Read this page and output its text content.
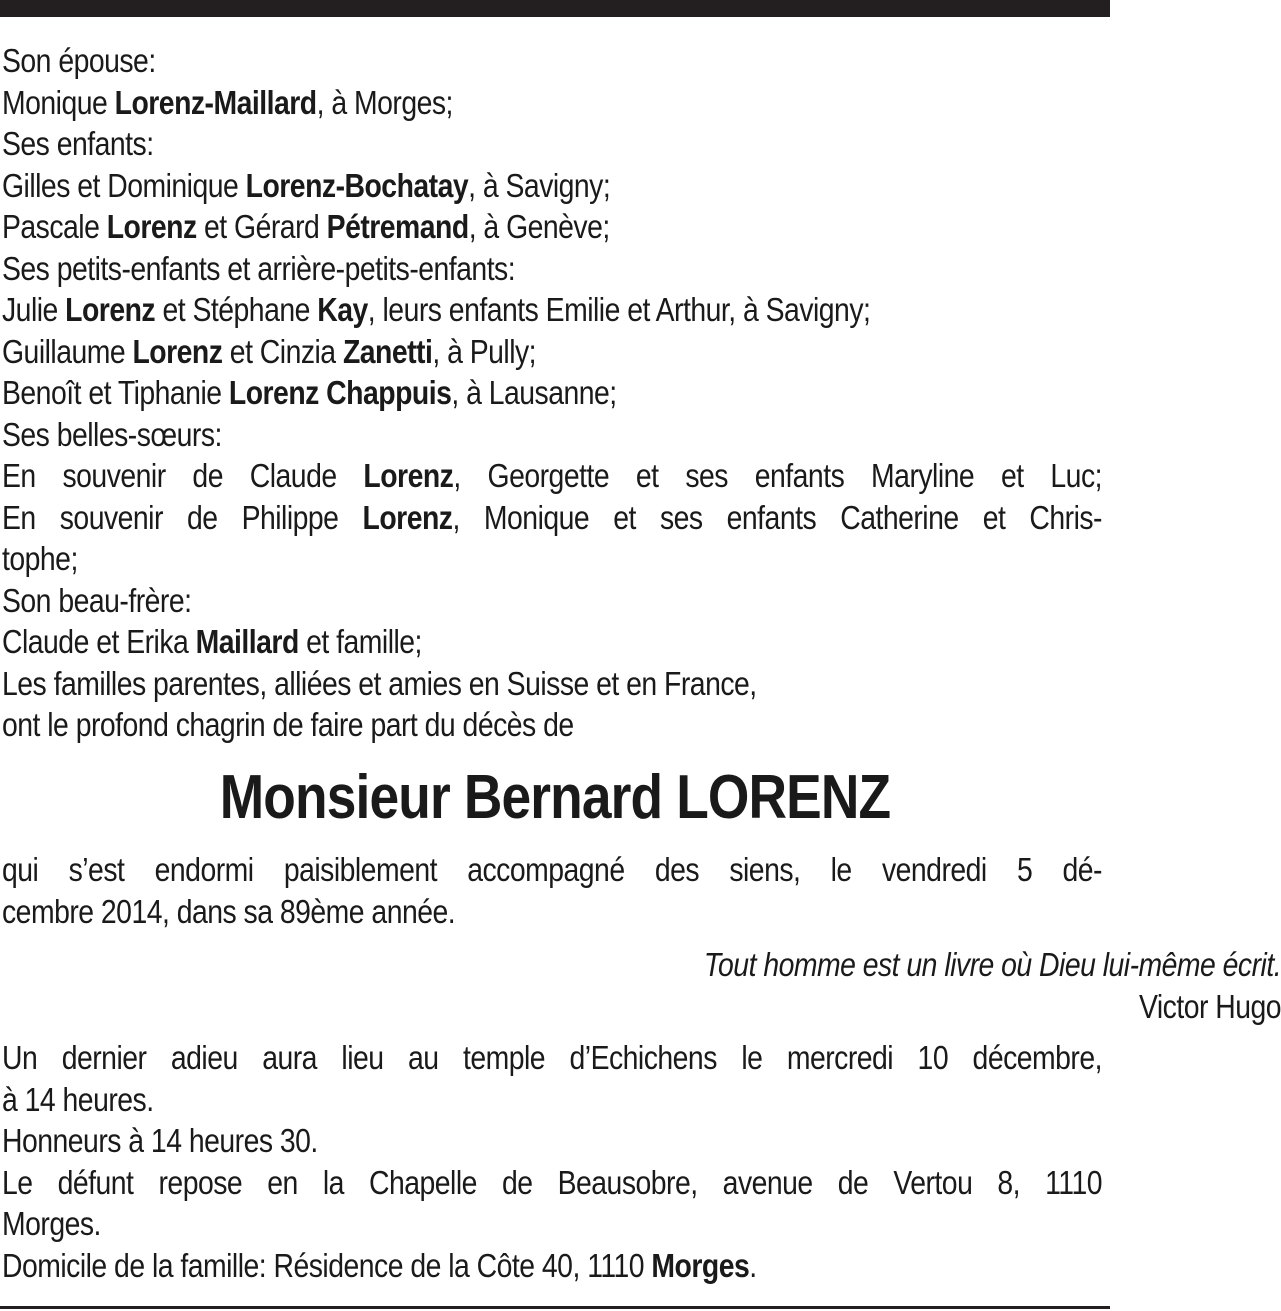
Son épouse:
Monique Lorenz-Maillard, à Morges;
Ses enfants:
Gilles et Dominique Lorenz-Bochatay, à Savigny;
Pascale Lorenz et Gérard Pétremand, à Genève;
Ses petits-enfants et arrière-petits-enfants:
Julie Lorenz et Stéphane Kay, leurs enfants Emilie et Arthur, à Savigny;
Guillaume Lorenz et Cinzia Zanetti, à Pully;
Benoît et Tiphanie Lorenz Chappuis, à Lausanne;
Ses belles-sœurs:
En souvenir de Claude Lorenz, Georgette et ses enfants Maryline et Luc;
En souvenir de Philippe Lorenz, Monique et ses enfants Catherine et Chris-
tophe;
Son beau-frère:
Claude et Erika Maillard et famille;
Les familles parentes, alliées et amies en Suisse et en France,
ont le profond chagrin de faire part du décès de
Monsieur Bernard LORENZ
qui s’est endormi paisiblement accompagné des siens, le vendredi 5 dé-
cembre 2014, dans sa 89ème année.
Tout homme est un livre où Dieu lui-même écrit.
Victor Hugo
Un dernier adieu aura lieu au temple d’Echichens le mercredi 10 décembre,
à 14 heures.
Honneurs à 14 heures 30.
Le défunt repose en la Chapelle de Beausobre, avenue de Vertou 8, 1110
Morges.
Domicile de la famille: Résidence de la Côte 40, 1110 Morges.
